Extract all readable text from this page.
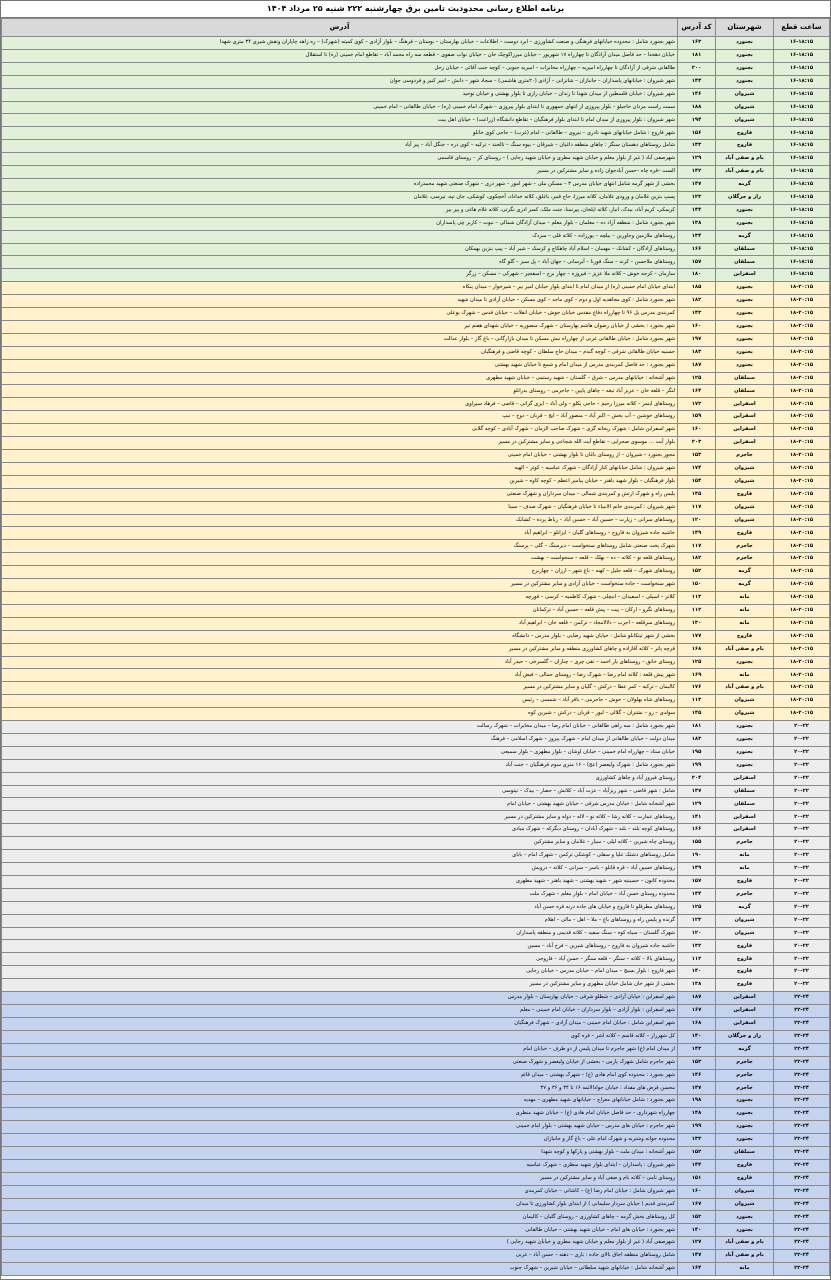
برنامه اطلاع رسانی محدودیت تامین برق چهارشنبه ۲۲۲ شنبه ۲۵ مرداد ۱۴۰۴
ساعت قطع	شهرستان	کد آدرس	آدرس
۱۶-۱۸:۱۵	بجنورد	۱۶۳	شهر بجنورد شامل : محدوده خیابانهای فرهنگی و صنعت کشاورزی – ابرد دوست – اطلاعات – خیابان بهارستان – بوستان – فرهنگ – بلوار آزادی – کوی کمیته (شهرک) – ره زاهد چاپاران ونقش شیری ۳۴ متری شهدا
۱۶-۱۸:۱۵	بجنورد	۱۸۱	خیابان دهخدا – حد فاصل میدان آزادگان تا چهارراه ۱۷ شهریور – خیابان میرزاکوچک خان – خیابان نواب صفوی – قطعه سه راه محمد آباد – تقاطع امام خمینی (ره) تا استقلال
۱۶-۱۸:۱۵	بجنورد	۲۰۰	طالقانی شرقی از آزادگان تا چهارراه امیریه – چهارراه مخابرات – امیریه جنوبی – کوچه جنب آقائی – خیابان زحل
۱۶-۱۸:۱۵	بجنورد	۱۴۴	شهر شیروان : خیابانهای پاسداران – جانبازان – شانزانی – آزادی (۲۰متری هاشمی) – سجاد شهر – دانش – امیر کبیر و فردوسی جوان
۱۶-۱۸:۱۵	شیروان	۱۴۶	شهر شیروان : خیابان فلسطین از میدان شهدا تا زندان – خیابان رازی تا بلوار بهشتی و خیابان توحید
۱۶-۱۸:۱۵	شیروان	۱۸۸	سمت راست مردان حاجیلو – بلوار پیروزی از انتهای جمهوری تا ابتدای بلوار پیروزی – شهرک امام خمینی (ره) – خیابان طالقانی – امام خمینی
۱۶-۱۸:۱۵	شیروان	۱۹۴	شهر شیروان : بلوار پیروزی از میدان امام تا ابتدای بلوار فرهنگیان – تقاطع دانشگاه (زراعت) – خیابان اهل بیت
۱۶-۱۸:۱۵	فاروج	۱۵۶	شهر فاروج : شامل خیابانهای شهید نادری – نیروی – طالقانی – امام (غرب) – حاجی کوی خانلو
۱۶-۱۸:۱۵	فاروج	۱۳۳	شامل روستاهای دهستان سنگر : چاهای منطقه داغیان – شیرقان – بیوه سنگ – تالخند – ترکیه – کوی دره – جنگل آباد – پیر آباد
۱۶-۱۸:۱۵	بام و صفی آباد	۱۲۹	شهرصفی آباد ( غیر از بلوار معلم و خیابان شهید مطری و خیابان شهید رجایی ) – روستای کز – روستای قاسمی
۱۶-۱۸:۱۵	بام و صفی آباد	۱۴۲	الست –قره چاه –حسن آبادجوان زاده و سایر مشترکین در مسیر
۱۶-۱۸:۱۵	گرمه	۱۴۷	بخشی از شهر گرمه شامل انتهای خیابان مدرس ۳ – مسکن ملی – شهر امور – شهر دری – شهرک صنعتی شهید محمدزاده
۱۶-۱۸:۱۵	راز و جرگلان	۱۲۳	پسپ بنزین غلامان و ورودی غلامان، کلاته میرزا، حاج قنبر، باغلق، کلاته خداداد، آخچکوی، کوشکی، جان تپه، تیرسی، غلامان
۱۶-۱۸:۱۵	بجنورد	۱۴۴	کریمکی، کریم آباد، بیدک، انبار، کلاته ایلخان، پیرنمنا، جنت ملک، کسر ادری نگرتی، کلاته غلام هاغی و پیر بیر
۱۶-۱۸:۱۵	بجنورد	۱۳۸	شهر بجنورد شامل : منطقه آزاد ده – معلمان – بلوار معلم – میدان آزادگان شمالی – نبوت – کاربر چی پاسداران
۱۶-۱۸:۱۵	گرمه	۱۳۴	روستاهای ملازمین وجاورین – بیلچه – پورزاده – کلاته قلی – سردک
۱۶-۱۸:۱۵	سملقان	۱۶۶	روستاهای آزادگان – کشانک – مهسان – اسلام آباد چاهکاچ و کرسک – شیر آباد – پیپ بنزین بهمکان
۱۶-۱۸:۱۵	سملقان	۱۵۷	روستاهای ملاحسن – کرند – سنگ قورنا – آبرسانی – جهان آباد – پل سبز – گلو گاه
۱۶-۱۸:۱۵	اسفراین	۱۸۰	سارمان – کرجه خوش – کلاته ملا عزیز – فیروزه – چهار برج – اسفجیر – شهرکی – مسکن – زرگر
۱۸-۲۰:۱۵	بجنورد	۱۸۵	ابتدای خیابان امام خمینی (ره) از میدان امام تا ابتدای بلوار خیابان امیر بیر – شیرخوار – میدان پنکاه
۱۸-۲۰:۱۵	بجنورد	۱۸۲	شهر بجنورد شامل : کوی مجاهدیه اول و دوم – کوی ماجد – کوی مسکن – خیابان آزادی تا میدان شهید
۱۸-۲۰:۱۵	بجنورد	۱۴۳	کمربندی مدرس پل ۹۶ تا چهارراه دفاع مقدس خیابان جوش – خیابان انقلاب – خیابان قدس – شهرک بوعلی
۱۸-۲۰:۱۵	بجنورد	۱۶۰	شهر بجنورد : بخشی از خیابان رضوان هاشم بهارستان – شهرک منصوریه – خیابان شهدای هفتم تیر
۱۸-۲۰:۱۵	بجنورد	۱۹۷	شهر بجنورد شامل : خیابان طالقانی غربی از چهارراه نبش مسکن تا میدان بازارگانی – باغ گاز – بلوار عدالت
۱۸-۲۰:۱۵	بجنورد	۱۸۳	حسنیه خیابان طالقانی شرقی – کوچه گندم – میدان حاج سلطان – کوچه قاضی و فرهنگیان
۱۸-۲۰:۱۵	بجنورد	۱۸۷	شهر بجنورد : حد فاصل کمربندی مدرس از میدان امام و شمع تا خیابان شهید بهشتی
۱۸-۲۰:۱۵	سملقان	۱۲۵	شهر آشخانه : خیابانهای مدرس – شرق – گلستان – شهید رستمی – خیابان شهید مطهری
۱۸-۲۰:۱۵	سملقان	۱۶۴	لنگر – قلعه خان – عزیز آباد تیغه – چاهای پایین – جاجرمی – روستای بدرانلو
۱۸-۲۰:۱۵	اسفراین	۱۷۲	روستاهای اینمز – کلاته میرزا رحیم – حاجی بکلو – ولی آباد – ایزی گرانی – قاضی – فرهاد سیراوی
۱۸-۲۰:۱۵	اسفراین	۱۵۹	روستاهای خوشین – آب بخش – اکبر آباد – منصور آباد – ایج – قربان – دوخ – تیپ
۱۸-۲۰:۱۵	اسفراین	۱۶۰	شهر اسفراین شامل : شهرک ریحانه گری – شهرک صاحب الزمان – شهرک آبادی – کوچه گلابی
۱۸-۲۰:۱۵	اسفراین	۲۰۳	بلوار آبت ... موسوی صحرایی – تقاطع آیت الله شجاعی و سایر مشترکین در مسیر
۱۸-۲۰:۱۵	جاجرم	۱۵۳	محور بجنورد – شیروان – از روستای باغان تا بلوار بهشتی – خیابان امام خمینی
۱۸-۲۰:۱۵	شیروان	۱۷۴	شهر شیروان : شامل خیابانهای کنار آزادگان – شهرک عباسیه – کوثر – الهیه
۱۸-۲۰:۱۵	شیروان	۱۵۴	بلوار فرهنگیان – بلوار شهید باهنر – خیابان پیامبر اعظم – کوچه کاوه – شیرین
۱۸-۲۰:۱۵	فاروج	۱۴۵	پلیس راه و شهرک ارتش و کمربندی شمالی – میدان سرداران و شهرک صنعتی
۱۸-۲۰:۱۵	شیروان	۱۱۷	شهر شیروان : کمربندی خانم الانبیاء تا خیابان فرهنگیان – شهرک صدف – سینا
۱۸-۲۰:۱۵	شیروان	۱۲۰	روستاهای سرانی – زیارت – حسین آباد – حسین آباد – رباط پرده – کشانک
۱۸-۲۰:۱۵	فاروج	۱۴۹	حاشیه جاده شیروان به فاروج – روستاهای گلیان – ایزانلو – ابراهیم آباد
۱۸-۲۰:۱۵	جاجرم	۱۱۷	شهرک پخت صنعتی شامل روستاهای سنخواست – دیرسنگ – گلی – پرسنگ
۱۸-۲۰:۱۵	جاجرم	۱۸۲	روستاهای قلعه نو – کلاته – ده – بهلک – قلعه – سنخواست – بهشت
۱۸-۲۰:۱۵	گرمه	۱۵۲	روستاهای شهرک – قلعه جلیل – کهنه – باغ شهر – ارزان – چهاربرج
۱۸-۲۰:۱۵	گرمه	۱۵۰	شهر سنخواست – جاده سنخواست – خیابان آزادی و سایر مشترکین در مسیر
۱۸-۲۰:۱۵	مانه	۱۱۳	کلاتر – اسپلی – اسفیدان – انبچلی – شهرک کاظمیه – کرسی – قورچه
۱۸-۲۰:۱۵	مانه	۱۱۲	روستاهای نگرو – ارکان – پیت – پیش قلعه – حسین آباد – ترکمانان
۱۸-۲۰:۱۵	مانه	۱۳۰	روستاهای سرقلعه – اجرب – دلالامجاد – ترکمن – قلعه خان – ابراهیم آباد
۱۸-۲۰:۱۵	فاروج	۱۷۷	بخشی از شهر تیتکانلو شامل : خیابان شهید رضایی – بلوار مدرس – دانشگاه
۱۸-۲۰:۱۵	بام و صفی آباد	۱۶۸	قرچه پاتر – کلاته آقازاده و چاهای کشاورزی منطقه و سایر مشترکین در مسیر
۱۸-۲۰:۱۵	بجنورد	۱۲۵	روستای خانق – روستاهای یار احمد – تقی چری – چناران – گلسرخی – حیدر آباد
۱۸-۲۰:۱۵	مانه	۱۶۹	شهر پیش قلعه : کلاته امام رضا – شهرک رضا – روستای جمالی – فیض آباد
۱۸-۲۰:۱۵	بام و صفی آباد	۱۷۶	کالیمان – ترکیه – کمر عطا – درکش – گلیان و سایر مشترکین در مسیر
۱۸-۲۰:۱۵	شیروان	۱۱۳	روستاهای شاه بهلولان – خوش – جاجرمی – باقر آباد – شمسی – رئیس
۱۸-۲۰:۱۵	شیروان	۱۴۵	سولدی – زو – نشتران – گلالی – لیور – قربان – درکش – شیرین کوه
۲۰-۲۲	بجنورد	۱۸۱	شهر بجنورد شامل : سه راهی طالقانی – خیابان امام رضا – میدان مخابرات – شهرک رسالت
۲۰-۲۲	بجنورد	۱۸۳	میدان دولت – خیابان طالقانی از میدان امام – شهرک پیروز – شهرک اسلامی – فرهنگ
۲۰-۲۲	بجنورد	۱۹۵	خیابان ستاد – چهارراه امام خمینی – خیابان اوشان – بلوار مطهری – بلوار سمیعی
۲۰-۲۲	بجنورد	۱۹۹	شهر بجنورد شامل : شهرک ولیعصر (عج) – ۱۶ متری سوم فرهنگیان – جنت آباد
۲۰-۲۲	اسفراین	۲۰۴	روستای فیروز آباد و چاهای کشاورزی
۲۰-۲۲	سملقان	۱۳۷	شامل : شهر قاضی – شهر ریزآباد – عزت آباد – کلاتش – حصار – بیدک – تیتوسی
۲۰-۲۲	سملقان	۱۲۹	شهر آشخانه شامل : خیابان مدرس شرقی – خیابان شهید بهشتی – خیابان امام
۲۰-۲۲	اسفراین	۱۴۱	روستاهای عمارت – کلاته رشا – کلاته نو – لاله – دوله و سایر مشترکین در مسیر
۲۰-۲۲	اسفراین	۱۶۶	روستاهای کوچه بلند – بلند – شهرک آبادان – روستای دیگرکه – شهرک بنیادی
۲۰-۲۲	جاجرم	۱۵۵	روستای چاه شیرین – کلاته لیلی – سیار – غلامان و سایر مشترکین
۲۰-۲۲	مانه	۱۹۰	شامل روستاهای دشتک علیا و سفلی – کوشکی ترکمن – شهرک امام – بابای
۲۰-۲۲	مانه	۱۴۹	روستاهای حسین آباد – قره قانلو – یاسر – سرانی – کلاته – درویش
۲۰-۲۲	فاروج	۱۵۷	محدوده کانون – حسینیه شهر – شهید بهشتی – شهید باهنر – شهید مطهری
۲۰-۲۲	جاجرم	۱۴۴	محدوده روستای حسن آباد – خیابان امام – بلوار معلم – شهرک ملت
۲۰-۲۲	گرمه	۱۲۵	روستاهای مطرقلو تا فاروج و خیابان های جاده درنه قره حسن آباد
۲۰-۲۲	شیروان	۱۲۳	گرنده و پلیس راه و روستاهای باغ – ملا – اهل – مالی – اهلام
۲۰-۲۲	شیروان	۱۲۰	شهرک گلستان – سیاه کوه – سنگ سفید – کلاته قدیمی و منطقه پاسداران
۲۰-۲۲	فاروج	۱۳۲	حاشیه جاده شیروان به فاروج – روستاهای شیرین – فرخ آباد – مسین
۲۰-۲۲	فاروج	۱۱۲	روستاهای بالا – کلاته – سنگر – قلعه سنگر – حسن آباد – فاروجی
۲۰-۲۲	فاروج	۱۴۰	شهر فاروج : بلوار بسیج – میدان امام – خیابان مدرس – خیابان رجایی
۲۰-۲۲	فاروج	۱۳۸	بخشی از شهر خان شامل خیابان مطهری و سایر مشترکین در مسیر
۲۲-۲۴	اسفراین	۱۸۷	شهر اسفراین : خیابان آزادی – شطلو شرقی – خیابان بهارستان – بلوار مدرس
۲۲-۲۴	اسفراین	۱۶۷	شهر اسفراین : بلوار آزادی – بلوار سرداران – خیابان امام خمینی – معلم
۲۲-۲۴	اسفراین	۱۶۸	شهر اسفراین شامل : خیابان امام خمینی – میدان آزادی – شهرک فرهنگیان
۲۲-۲۴	راز و جرگلان	۱۴۰	کل شهرراز – کلاته قاسم – کلاته اشر – قره کوی
۲۲-۲۴	گرمه	۱۴۳	از میدان امام (ع) شهر جاجرم تا میدان پلیس از دو طرف – خیابان امام
۲۲-۲۴	جاجرم	۱۵۳	شهر جاجرم شامل شهرک پارس – بخشی از خیابان ولیعصر و شهرک صنعتی
۲۲-۲۴	جاجرم	۱۴۶	شهر بجنورد : محدوده کوی امام هادی (ع) – شهرک بهشتی – میدان قائم
۲۲-۲۴	جاجرم	۱۴۷	محسن قرض های مقداد : خیابان جوادالائمه ۱۶ تا ۳۴ و ۳۶ و ۳۷
۲۲-۲۴	بجنورد	۱۹۸	شهر بجنورد : شامل خیابانهای معراج – خیابانهای شهید مطهری – مهدیه
۲۲-۲۴	بجنورد	۱۴۸	چهارراه شهرداری – حد فاصل خیابان امام هادی (ع) – خیابان شهید منظری
۲۲-۲۴	بجنورد	۱۹۹	شهر جاجرم : خیابان های مدرس – خیابان شهید بهشتی – بلوار امام خمینی
۲۲-۲۴	بجنورد	۱۳۳	محدوده جوانه وشتریه و شهرک امام علی – باغ گاز و جانبازان
۲۲-۲۴	سملقان	۱۵۲	شهر آشخانه : میدان ملت – بلوار بهشتی و پارکها و کوچه شهدا
۲۲-۲۴	فاروج	۱۴۴	شهر شیروان : پاسداران – ابتدای بلوار شهید منظری – شهرک عباسیه
۲۲-۲۴	فاروج	۱۵۱	روستای نامی – کلاته بام و صفی آباد و سایر مشترکین در مسیر
۲۲-۲۴	شیروان	۱۶۰	شهر شیروان شامل : خیابان امام رضا (ع) – کاشانی – خیابان کمربندی
۲۲-۲۴	شیروان	۱۶۷	کمربندی قدیم ( خیابان سردار سلیمانی ) از ابتدای بلوار کشاورزی تا میدان
۲۲-۲۴	بجنورد	۱۵۲	کل روستاهای بخش گرمه – چاهای کشاورزی – روستای گلیان – کالیمان
۲۲-۲۴	بجنورد	۱۴۰	شهر بجنورد : خیابان های امام – خیابان شهید بهشتی – خیابان طالقانی
۲۲-۲۴	بام و صفی آباد	۱۲۷	شهرصفی آباد ( غیر از بلوار معلم و خیابان شهید مطری و خیابان شهید رجایی )
۲۲-۲۴	بام و صفی آباد	۱۴۷	شامل روستاهای منطقه اجاق بالای جاده : باری – دهنه – حسن آباد – غربی
۲۲-۲۴	مانه	۱۶۴	شهر آشخانه شامل : خیابانهای شهید سلطانی – خیابان شیرین – شهرک جنوب
